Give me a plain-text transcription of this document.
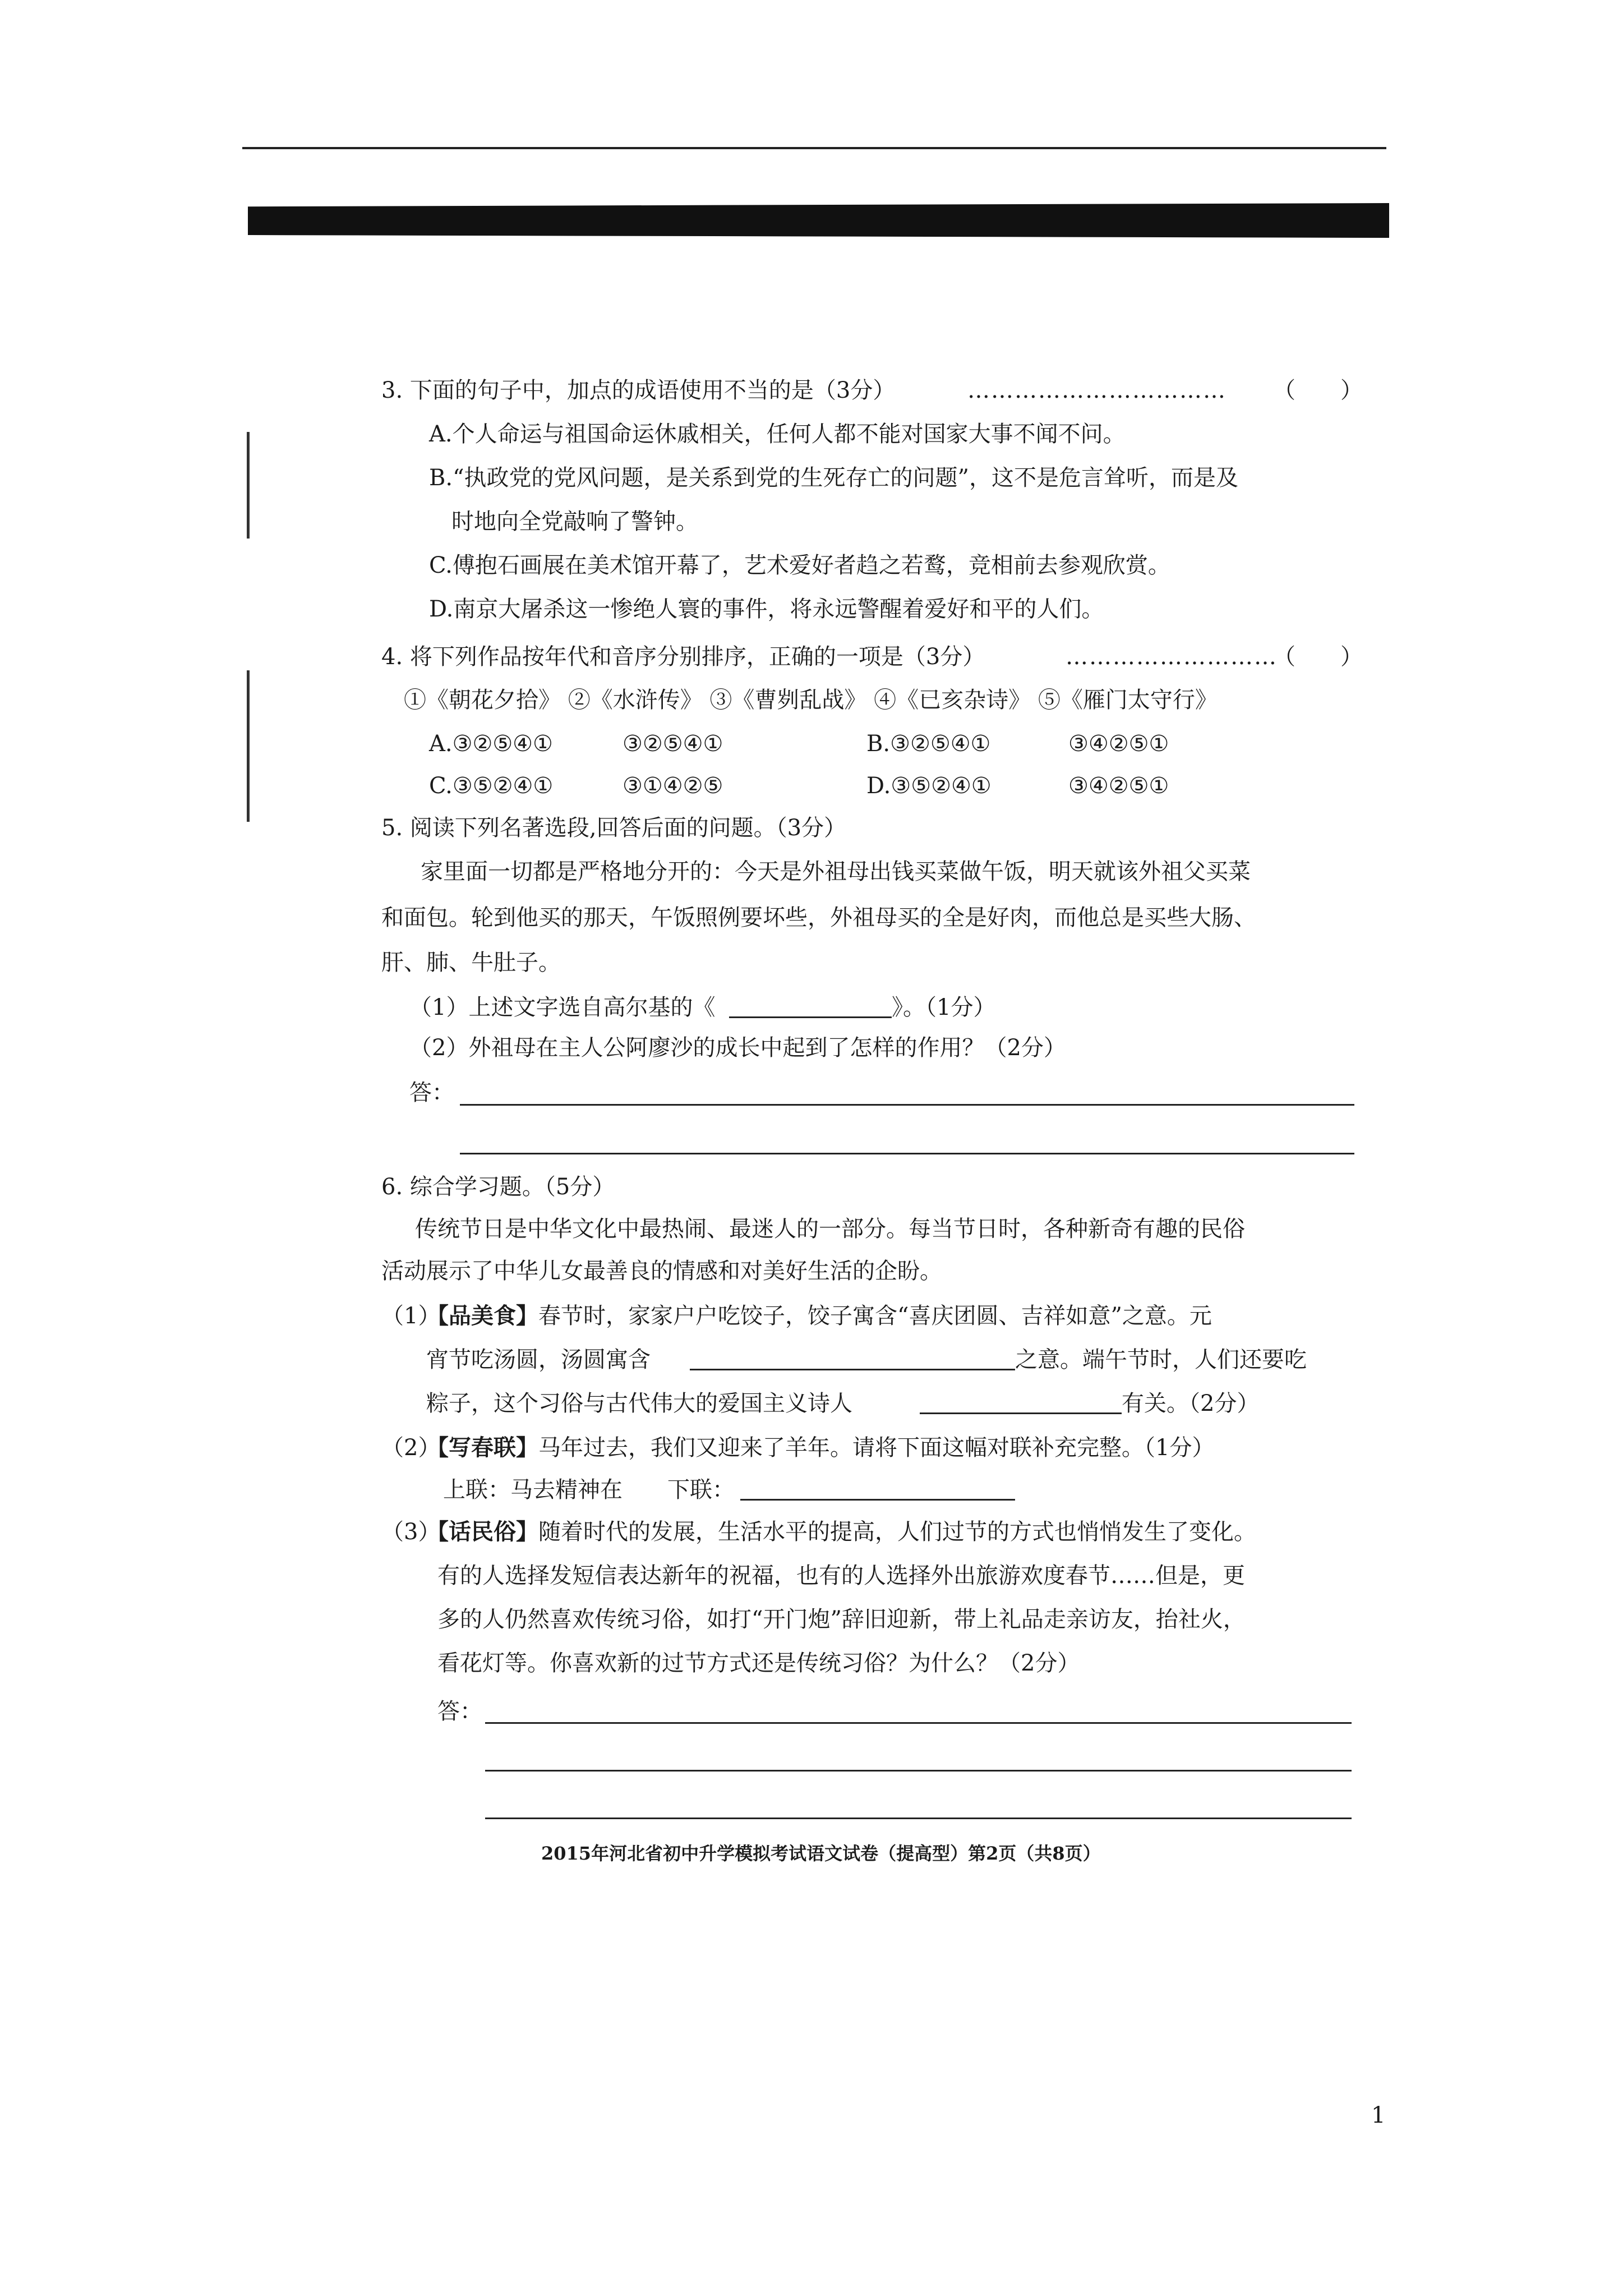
3. 下面的句子中，加点的成语使用不当的是（3分）	…………………………… （　　）
A.个人命运与祖国命运休戚相关，任何人都不能对国家大事不闻不问。
B.“执政党的党风问题，是关系到党的生死存亡的问题”，这不是危言耸听，而是及
时地向全党敲响了警钟。
C.傅抱石画展在美术馆开幕了，艺术爱好者趋之若鹜，竞相前去参观欣赏。
D.南京大屠杀这一惨绝人寰的事件，将永远警醒着爱好和平的人们。
4. 将下列作品按年代和音序分别排序，正确的一项是（3分）	………………………
（　　）
①《朝花夕拾》 ②《水浒传》 ③《曹刿乱战》 ④《已亥杂诗》 ⑤《雁门太守行》
A.③②⑤④①	③②⑤④①	B.③②⑤④①	③④②⑤①
C.③⑤②④①	③①④②⑤	D.③⑤②④①	③④②⑤①
5. 阅读下列名著选段,回答后面的问题。（3分）
家里面一切都是严格地分开的：今天是外祖母出钱买菜做午饭，明天就该外祖父买菜
和面包。轮到他买的那天，午饭照例要坏些，外祖母买的全是好肉，而他总是买些大肠、
肝、肺、牛肚子。
（1）上述文字选自高尔基的《	》。（1分）
（2）外祖母在主人公阿廖沙的成长中起到了怎样的作用？（2分）
答：
6. 综合学习题。（5分）
传统节日是中华文化中最热闹、最迷人的一部分。每当节日时，各种新奇有趣的民俗
活动展示了中华儿女最善良的情感和对美好生活的企盼。
（1）
【品美食】 春节时，家家户户吃饺子，饺子寓含“喜庆团圆、吉祥如意”之意。元
宵节吃汤圆，汤圆寓含	之意。端午节时，人们还要吃
粽子，这个习俗与古代伟大的爱国主义诗人	有关。（2分）
（2）
【写春联】 马年过去，我们又迎来了羊年。请将下面这幅对联补充完整。（1分）
上联：马去精神在 下联：
（3）
【话民俗】 随着时代的发展，生活水平的提高，人们过节的方式也悄悄发生了变化。
有的人选择发短信表达新年的祝福，也有的人选择外出旅游欢度春节……但是，更
多的人仍然喜欢传统习俗，如打“开门炮”辞旧迎新，带上礼品走亲访友，抬社火，
看花灯等。你喜欢新的过节方式还是传统习俗？为什么？（2分）
答：
2015年河北省初中升学模拟考试语文试卷（提高型）第2页（共8页）
1
